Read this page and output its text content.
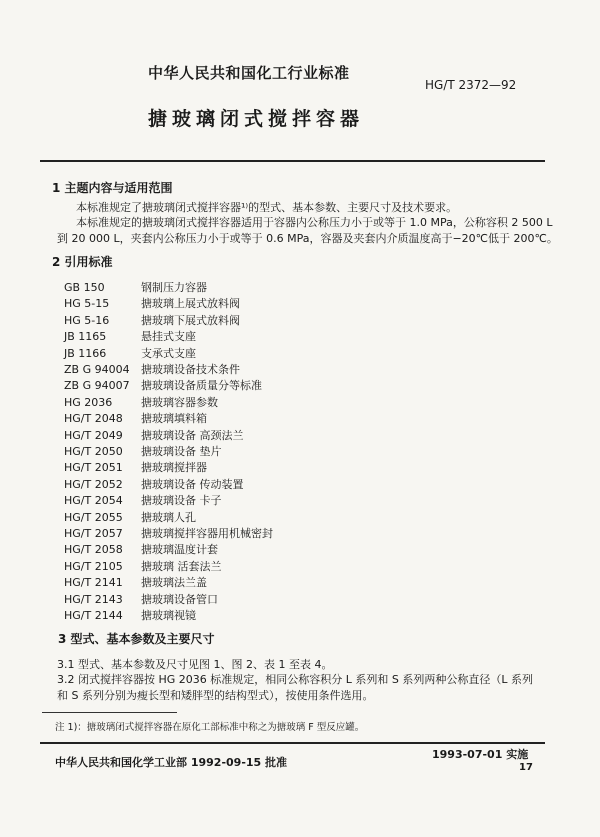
中华人民共和国化工行业标准
HG/T 2372—92
搪玻璃闭式搅拌容器
1 主题内容与适用范围
本标准规定了搪玻璃闭式搅拌容器¹⁾的型式、基本参数、主要尺寸及技术要求。
本标准规定的搪玻璃闭式搅拌容器适用于容器内公称压力小于或等于 1.0 MPa，公称容积 2 500 L
到 20 000 L，夹套内公称压力小于或等于 0.6 MPa，容器及夹套内介质温度高于−20℃低于 200℃。
2 引用标准
GB 150	钢制压力容器
HG 5-15	搪玻璃上展式放料阀
HG 5-16	搪玻璃下展式放料阀
JB 1165	悬挂式支座
JB 1166	支承式支座
ZB G 94004 搪玻璃设备技术条件
ZB G 94007 搪玻璃设备质量分等标准
HG 2036	搪玻璃容器参数
HG/T 2048 搪玻璃填料箱
HG/T 2049 搪玻璃设备 高颈法兰
HG/T 2050 搪玻璃设备 垫片
HG/T 2051 搪玻璃搅拌器
HG/T 2052 搪玻璃设备 传动装置
HG/T 2054 搪玻璃设备 卡子
HG/T 2055 搪玻璃人孔
HG/T 2057 搪玻璃搅拌容器用机械密封
HG/T 2058 搪玻璃温度计套
HG/T 2105 搪玻璃 活套法兰
HG/T 2141 搪玻璃法兰盖
HG/T 2143 搪玻璃设备管口
HG/T 2144 搪玻璃视镜
3 型式、基本参数及主要尺寸
3.1 型式、基本参数及尺寸见图 1、图 2、表 1 至表 4。
3.2 闭式搅拌容器按 HG 2036 标准规定，相同公称容积分 L 系列和 S 系列两种公称直径（L 系列
和 S 系列分别为瘦长型和矮胖型的结构型式），按使用条件选用。
注 1)：搪玻璃闭式搅拌容器在原化工部标准中称之为搪玻璃 F 型反应罐。
中华人民共和国化学工业部 1992-09-15 批准
1993-07-01 实施
17
